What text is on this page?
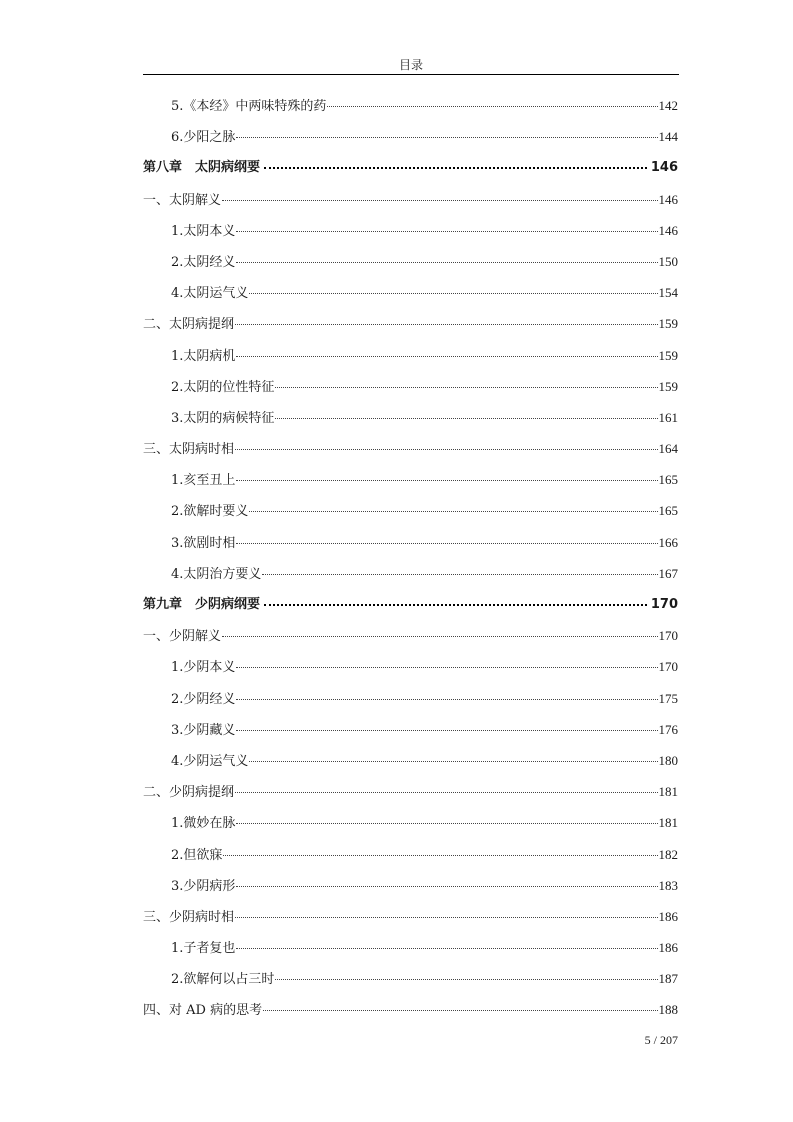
目录
5.《本经》中两味特殊的药	142
6.少阳之脉	144
第八章　太阴病纲要	146
一、太阴解义	146
1.太阴本义	146
2.太阴经义	150
4.太阴运气义	154
二、太阴病提纲	159
1.太阴病机	159
2.太阴的位性特征	159
3.太阴的病候特征	161
三、太阴病时相	164
1.亥至丑上	165
2.欲解时要义	165
3.欲剧时相	166
4.太阴治方要义	167
第九章　少阴病纲要	170
一、少阴解义	170
1.少阴本义	170
2.少阴经义	175
3.少阴藏义	176
4.少阴运气义	180
二、少阴病提纲	181
1.微妙在脉	181
2.但欲寐	182
3.少阴病形	183
三、少阴病时相	186
1.子者复也	186
2.欲解何以占三时	187
四、对 AD 病的思考	188
5 / 207
